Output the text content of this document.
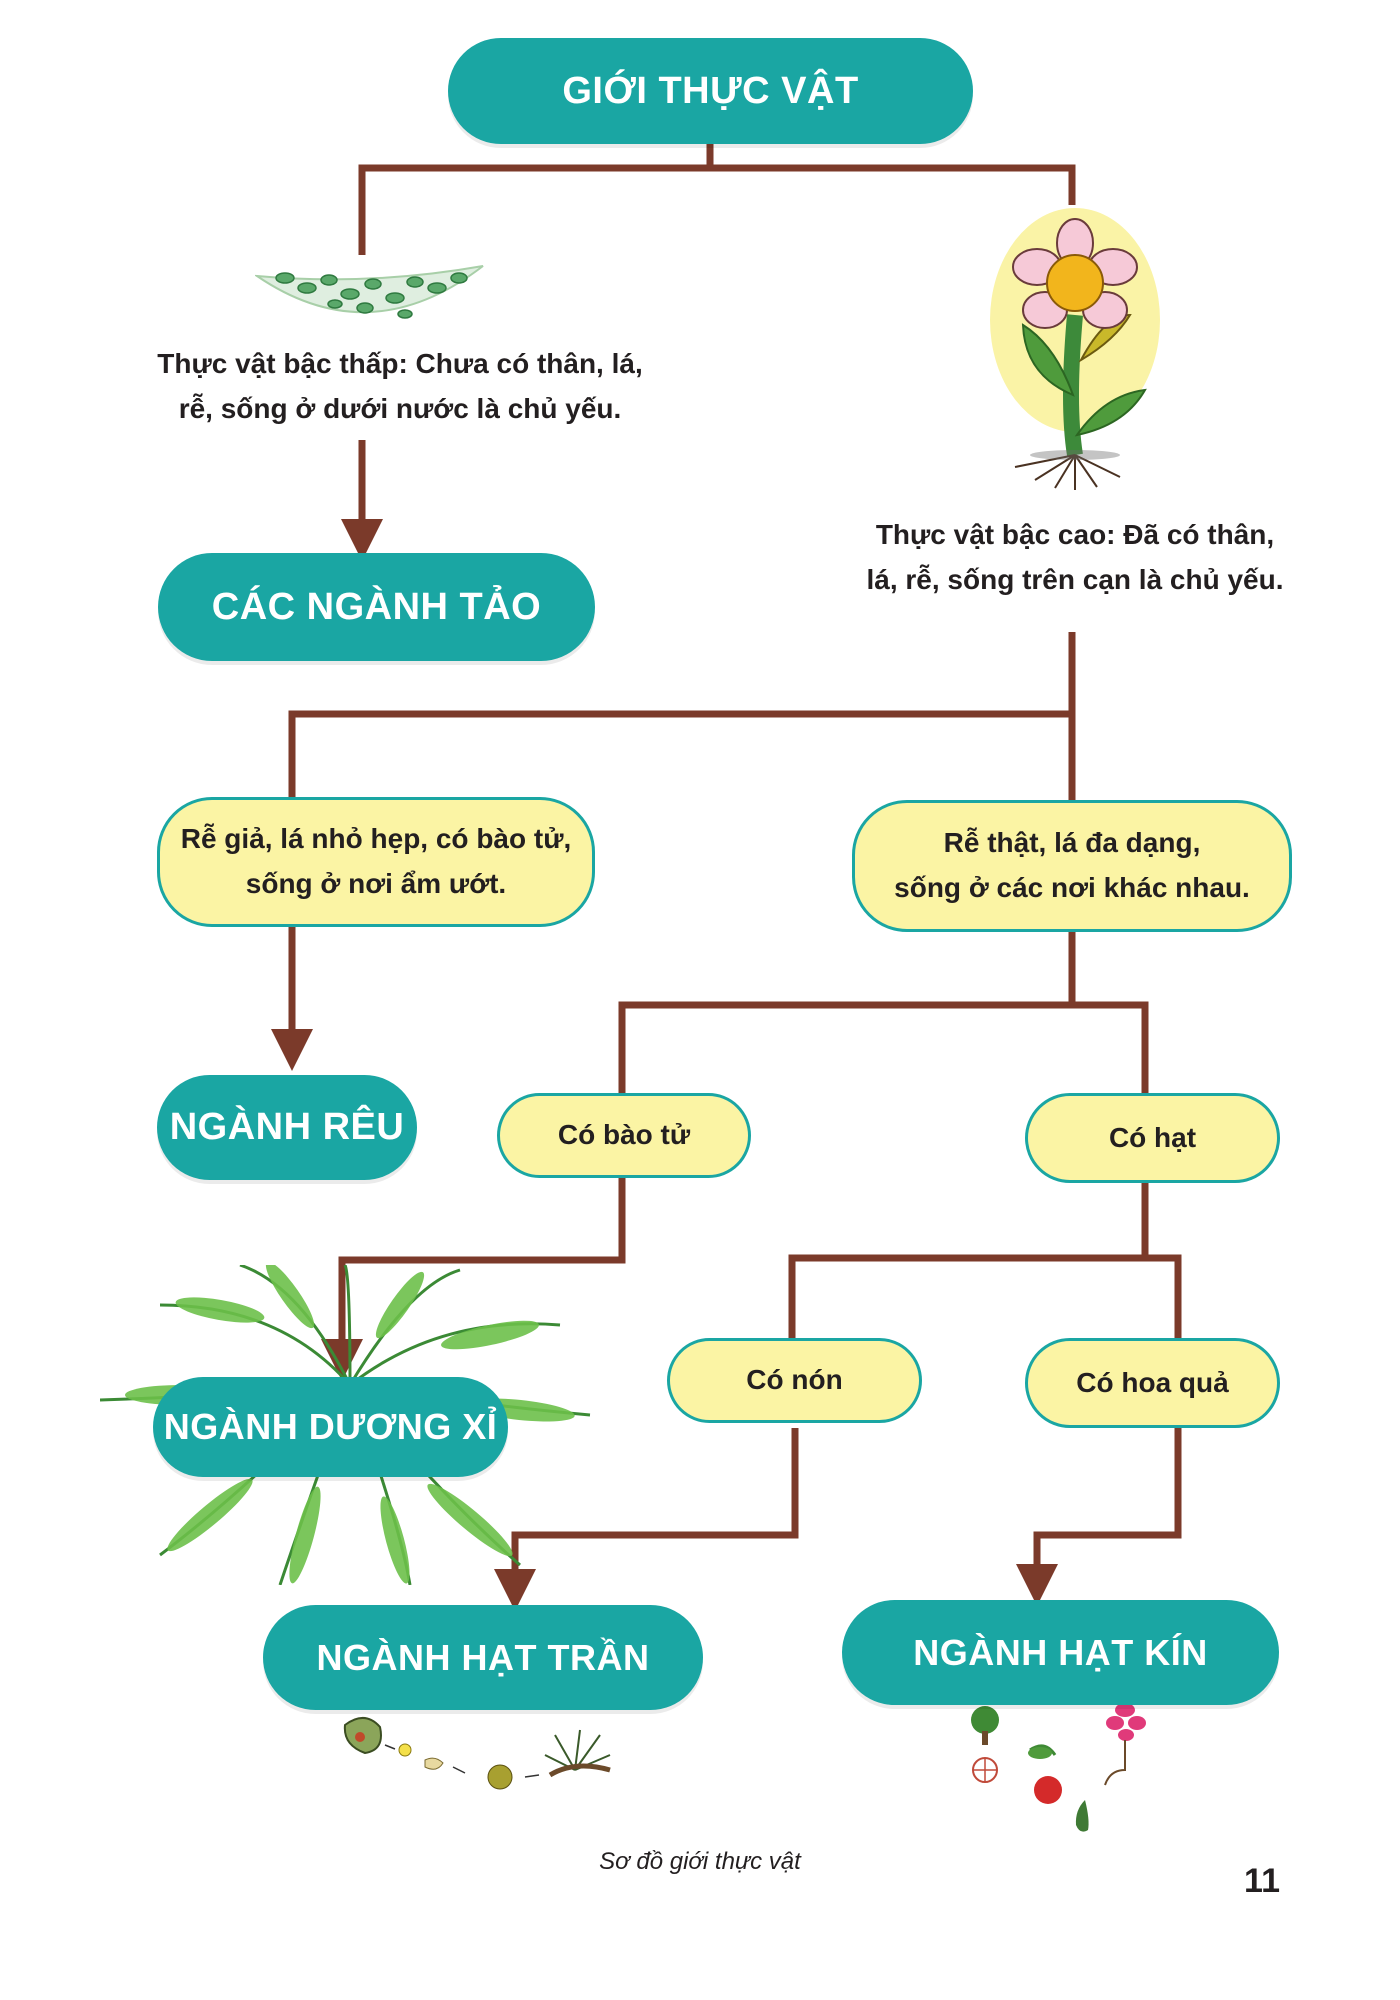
GIỚI THỰC VẬT
Thực vật bậc thấp: Chưa có thân, lá,
rễ, sống ở dưới nước là chủ yếu.
CÁC NGÀNH TẢO
Thực vật bậc cao: Đã có thân,
lá, rễ, sống trên cạn là chủ yếu.
Rễ giả, lá nhỏ hẹp, có bào tử,
sống ở nơi ẩm ướt.
Rễ thật, lá đa dạng,
sống ở các nơi khác nhau.
NGÀNH RÊU	Có bào tử	Có hạt
NGÀNH DƯƠNG XỈ
Có nón	Có hoa quả
NGÀNH HẠT TRẦN	NGÀNH HẠT KÍN
Sơ đồ giới thực vật
11
